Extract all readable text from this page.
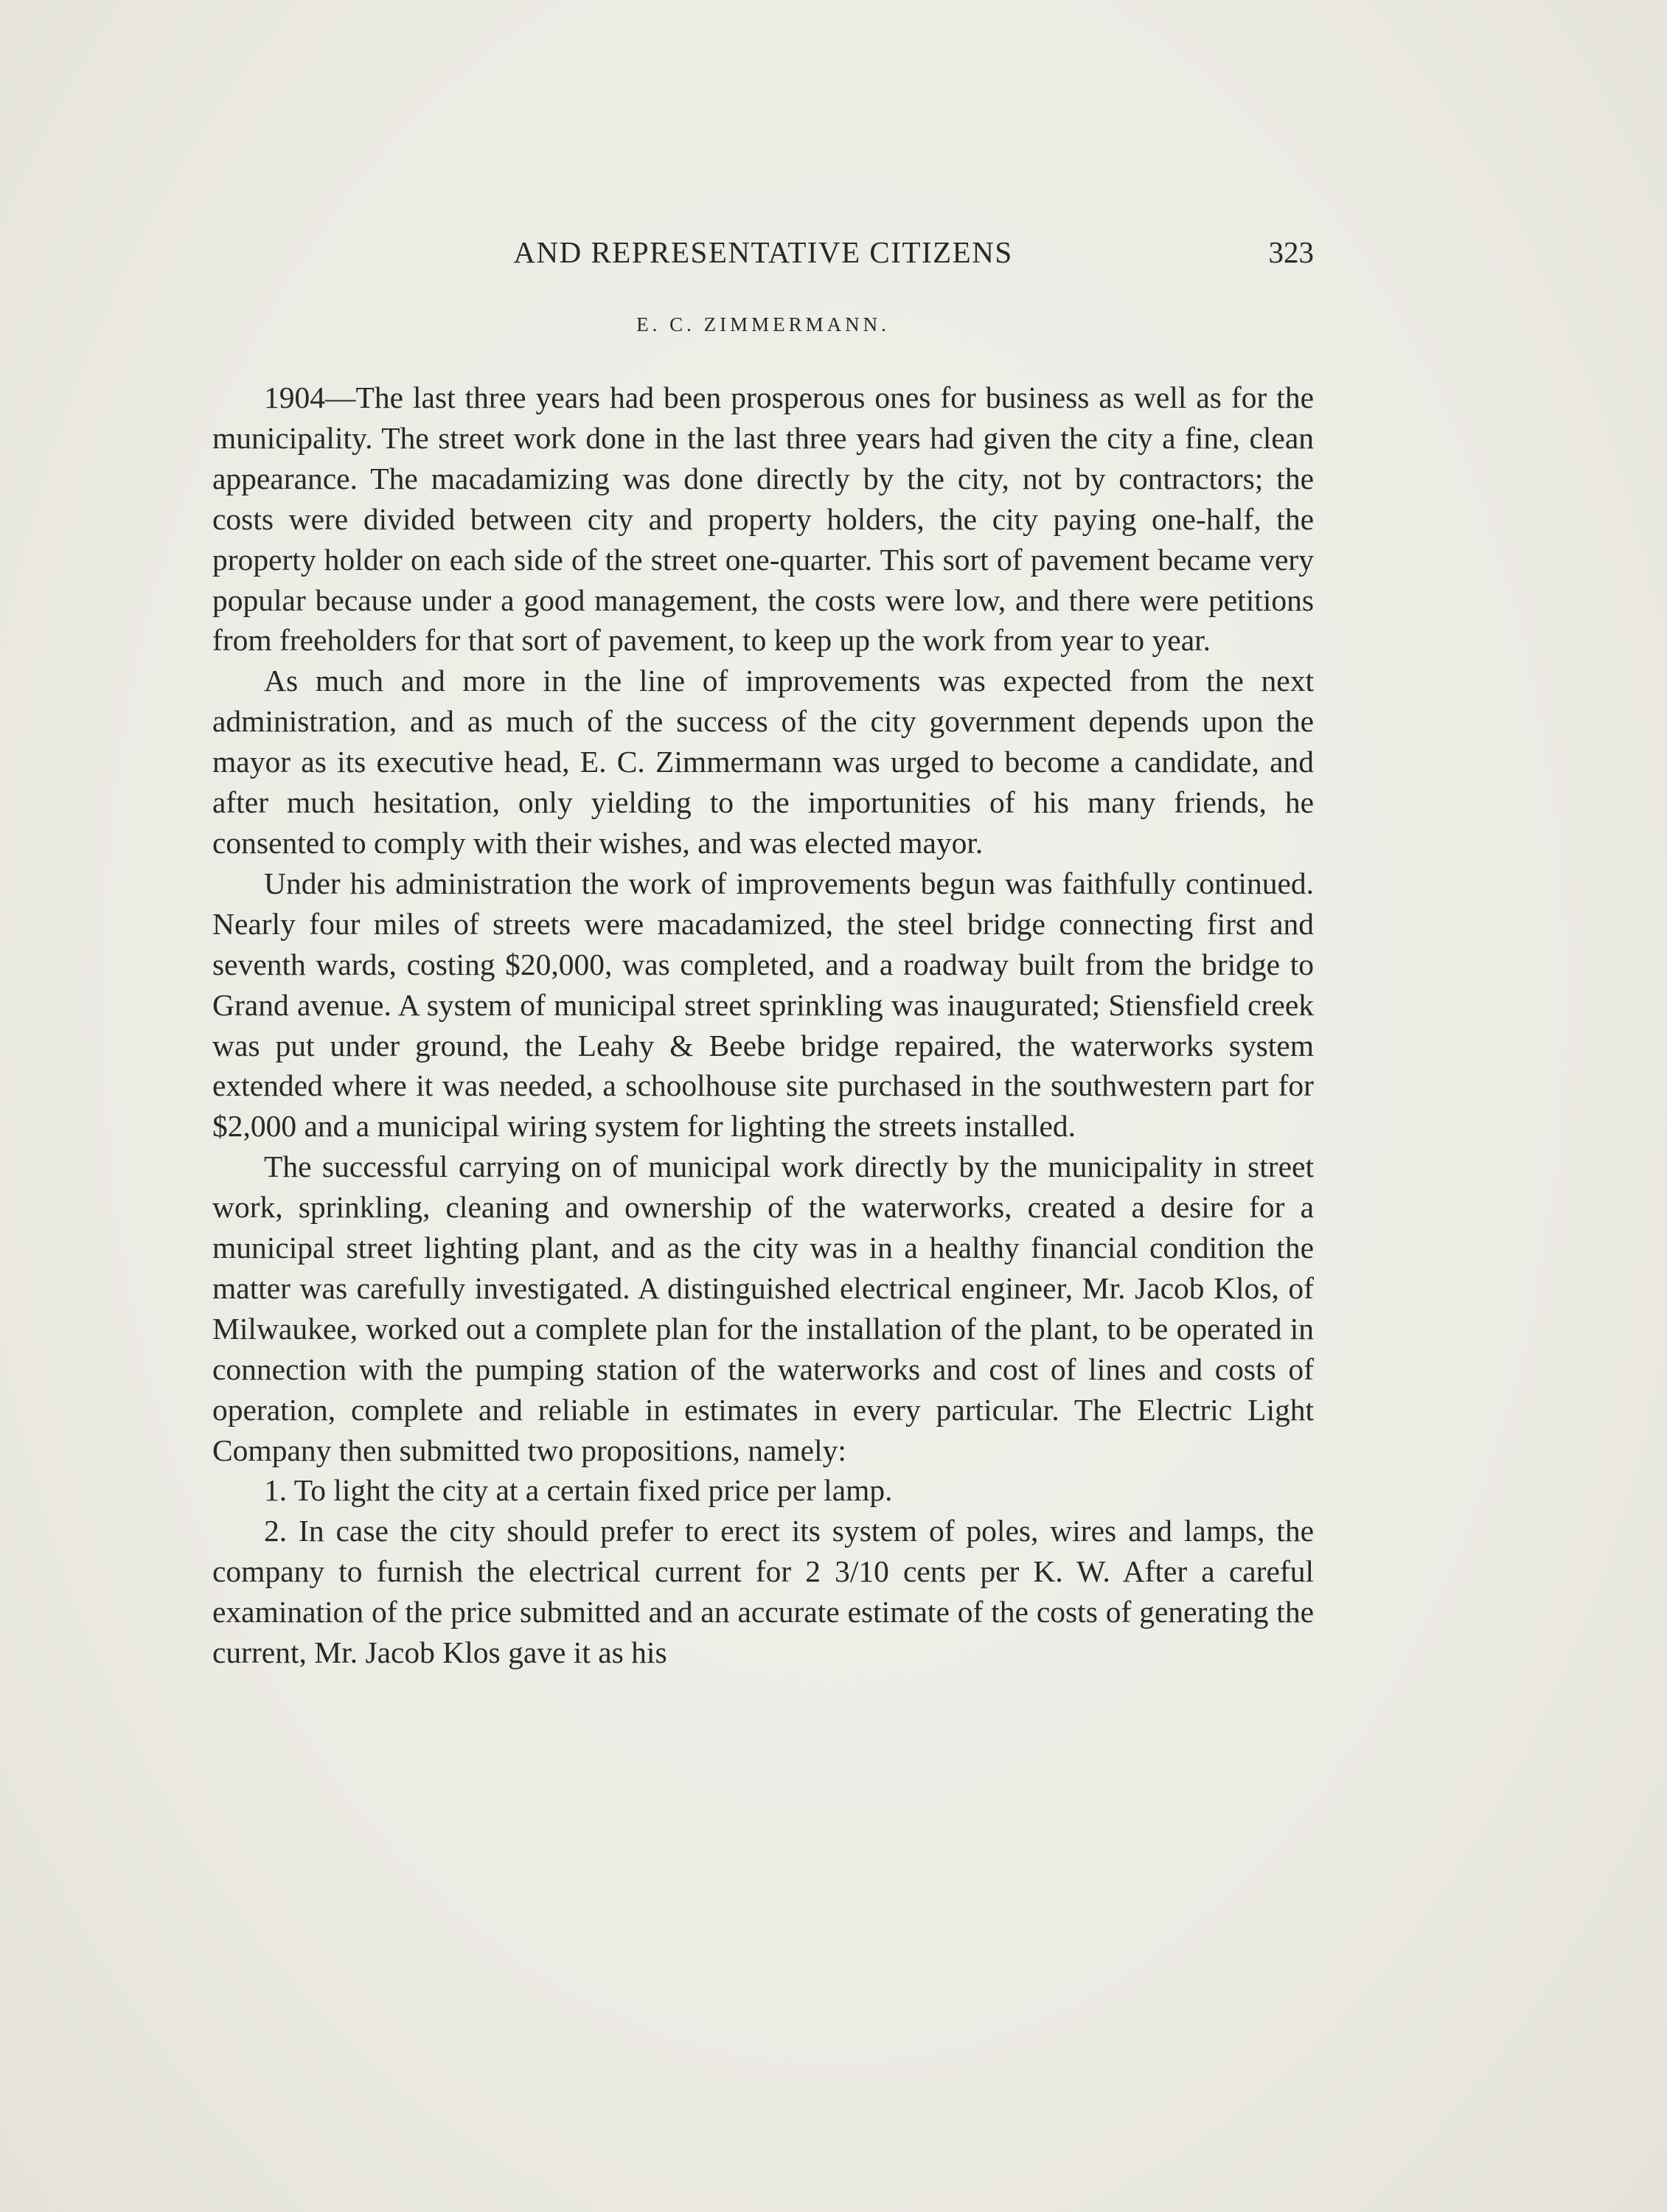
AND REPRESENTATIVE CITIZENS	323
E. C. ZIMMERMANN.

1904—The last three years had been prosperous ones for business as well as for the municipality. The street work done in the last three years had given the city a fine, clean appearance. The macadamizing was done directly by the city, not by contractors; the costs were divided between city and property holders, the city paying one-half, the property holder on each side of the street one-quarter. This sort of pavement became very popular because under a good management, the costs were low, and there were petitions from freeholders for that sort of pavement, to keep up the work from year to year.

As much and more in the line of improvements was expected from the next administration, and as much of the success of the city government depends upon the mayor as its executive head, E. C. Zimmermann was urged to become a candidate, and after much hesitation, only yielding to the importunities of his many friends, he consented to comply with their wishes, and was elected mayor.

Under his administration the work of improvements begun was faithfully continued. Nearly four miles of streets were macadamized, the steel bridge connecting first and seventh wards, costing $20,000, was completed, and a roadway built from the bridge to Grand avenue. A system of municipal street sprinkling was inaugurated; Stiensfield creek was put under ground, the Leahy & Beebe bridge repaired, the waterworks system extended where it was needed, a schoolhouse site purchased in the southwestern part for $2,000 and a municipal wiring system for lighting the streets installed.

The successful carrying on of municipal work directly by the municipality in street work, sprinkling, cleaning and ownership of the waterworks, created a desire for a municipal street lighting plant, and as the city was in a healthy financial condition the matter was carefully investigated. A distinguished electrical engineer, Mr. Jacob Klos, of Milwaukee, worked out a complete plan for the installation of the plant, to be operated in connection with the pumping station of the waterworks and cost of lines and costs of operation, complete and reliable in estimates in every particular. The Electric Light Company then submitted two propositions, namely:

1. To light the city at a certain fixed price per lamp.

2. In case the city should prefer to erect its system of poles, wires and lamps, the company to furnish the electrical current for 2 3/10 cents per K. W. After a careful examination of the price submitted and an accurate estimate of the costs of generating the current, Mr. Jacob Klos gave it as his
